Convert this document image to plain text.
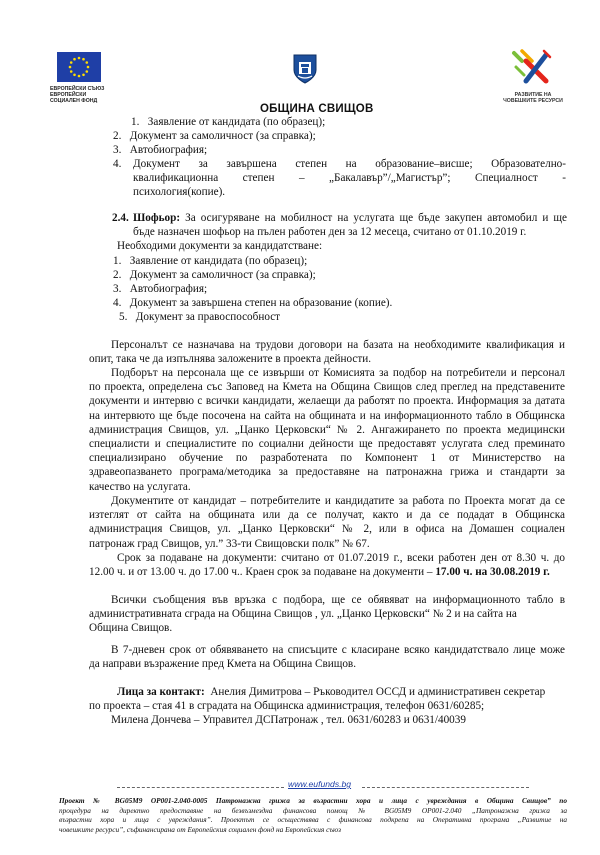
ЕВРОПЕЙСКИ СЪЮЗ
ЕВРОПЕЙСКИ
СОЦИАЛЕН ФОНД
ОБЩИНА СВИЩОВ
РАЗВИТИЕ НА
ЧОВЕШКИТЕ РЕСУРСИ
1. Заявление от кандидата (по образец);
2. Документ за самоличност (за справка);
3. Автобиография;
4. Документ за завършена степен на образование–висше; Образователно-
квалификационна степен – „Бакалавър”/„Магистър”; Специалност -
психология(копие).
2.4. Шофьор: За осигуряване на мобилност на услугата ще бъде закупен автомобил и ще
бъде назначен шофьор на пълен работен ден за 12 месеца, считано от 01.10.2019 г.
Необходими документи за кандидатстване:
1. Заявление от кандидата (по образец);
2. Документ за самоличност (за справка);
3. Автобиография;
4. Документ за завършена степен на образование (копие).
5. Документ за правоспособност
Персоналът се назначава на трудови договори на базата на необходимите квалификация и
опит, така че да изпълнява заложените в проекта дейности.
Подборът на персонала ще се извърши от Комисията за подбор на потребители и персонал
по проекта, определена със Заповед на Кмета на Община Свищов след преглед на представените
документи и интервю с всички кандидати, желаещи да работят по проекта. Информация за датата
на интервюто ще бъде посочена на сайта на общината и на информационното табло в Общинска
администрация Свищов, ул. „Цанко Церковски“ № 2. Ангажирането по проекта медицински
специалисти и специалистите по социални дейности ще предоставят услугата след преминато
специализирано обучение по разработената по Компонент 1 от Министерство на
здравеопазването програма/методика за предоставяне на патронажна грижа и стандарти за
качество на услугата.
Документите от кандидат – потребителите и кандидатите за работа по Проекта могат да се
изтеглят от сайта на общината или да се получат, както и да се подадат в Общинска
администрация Свищов, ул. „Цанко Церковски“ № 2, или в офиса на Домашен социален
патронаж град Свищов, ул.” 33-ти Свищовски полк” № 67.
Срок за подаване на документи: считано от 01.07.2019 г., всеки работен ден от 8.30 ч. до
12.00 ч. и от 13.00 ч. до 17.00 ч.. Краен срок за подаване на документи – 17.00 ч. на 30.08.2019 г.
Всички съобщения във връзка с подбора, ще се обявяват на информационното табло в
административната сграда на Община Свищов , ул. „Цанко Церковски“ № 2 и на сайта на
Община Свищов.
В 7-дневен срок от обявяването на списъците с класиране всяко кандидатствало лице може
да направи възражение пред Кмета на Община Свищов.
Лица за контакт: Анелия Димитрова – Ръководител ОССД и административен секретар
по проекта – стая 41 в сградата на Общинска администрация, телефон 0631/60285;
Милена Дончева – Управител ДСПатронаж , тел. 0631/60283 и 0631/40039
www.eufunds.bg
Проект № BG05M9 OP001-2.040-0005 Патронажна грижа за възрастни хора и лица с увреждания в Община Свищов” по
процедура на директно предоставяне на безвъзмездна финансова помощ № BG05M9 OP001-2.040 „Патронажна грижа за
възрастни хора и лица с увреждания”. Проектът се осъществява с финансова подкрепа на Оперативна програма „Развитие на
човешките ресурси”, съфинансирана от Европейския социален фонд на Европейския съюз
